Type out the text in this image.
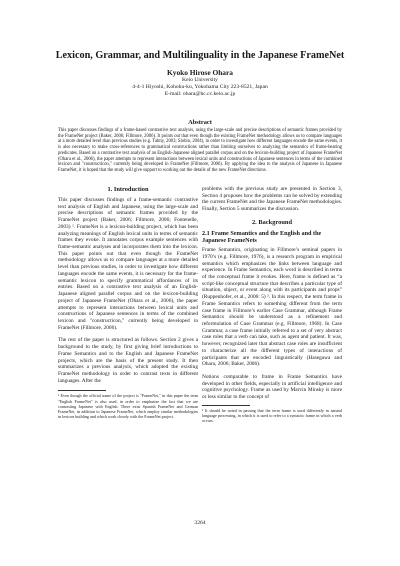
Lexicon, Grammar, and Multilinguality in the Japanese FrameNet
Kyoko Hirose Ohara
Keio University
4-4-1 Hiyoshi, Kohoku-ku, Yokohama City 223-8521, Japan
E-mail: ohara@hc.cc.keio.ac.jp
Abstract
This paper discusses findings of a frame-based contrastive text analysis, using the large-scale and precise descriptions of semantic frames provided by the FrameNet project (Baker, 2006; Fillmore, 2006). It points out that even though the existing FrameNet methodology allows us to compare languages at a more detailed level than previous studies (e.g. Talmy, 2003; Slobin, 2004), in order to investigate how different languages encode the same events, it is also necessary to make cross-references to grammatical constructions rather than limiting ourselves to analyzing the semantics of frame-bearing predicates. Based on a contrastive text analysis of an English-Japanese aligned parallel corpus and on the lexicon-building project of Japanese FrameNet (Ohara et al., 2006), the paper attempts to represent interactions between lexical units and constructions of Japanese sentences in terms of the combined lexicon and "constructicon," currently being developed in FrameNet (Fillmore, 2006). By applying the idea to the analysis of Japanese in Japanese FrameNet, it is hoped that the study will give support to working out the details of the new FrameNet directions.
1. Introduction

This paper discusses findings of a frame-semantic contrastive text analysis of English and Japanese, using the large-scale and precise descriptions of semantic frames provided by the FrameNet project (Baker, 2006; Fillmore, 2006; Fontenelle, 2003) ¹. FrameNet is a lexicon-building project, which has been analyzing meanings of English lexical units in terms of semantic frames they evoke. It annotates corpus example sentences with frame-semantic analyses and incorporates them into the lexicon. This paper points out that even though the FrameNet methodology allows us to compare languages at a more detailed level than previous studies, in order to investigate how different languages encode the same events, it is necessary for the frame-semantic lexicon to specify grammatical affordances of its entries. Based on a contrastive text analysis of an English-Japanese aligned parallel corpus and on the lexicon-building project of Japanese FrameNet (Ohara et al., 2006), the paper attempts to represent interactions between lexical units and constructions of Japanese sentences in terms of the combined lexicon and "constructicon," currently being developed in FrameNet (Fillmore, 2006).

The rest of the paper is structured as follows. Section 2 gives a background to the study, by first giving brief introductions to Frame Semantics and to the English and Japanese FrameNet projects, which are the basis of the present study. It then summarizes a previous analysis, which adopted the existing FrameNet methodology in order to contrast texts in different languages. After the

¹ Even though the official name of the project is "FrameNet," in this paper the term "English FrameNet" is also used, in order to emphasize the fact that we are contrasting Japanese with English. There exist Spanish FrameNet and German FrameNet, in addition to Japanese FrameNet, which employ similar methodologies in lexicon building and which work closely with the FrameNet project.

problems with the previous study are presented in Section 3, Section 4 proposes how the problems can be solved by extending the current FrameNet and the Japanese FrameNet methodologies. Finally, Section 5 summarizes the discussion.

2. Background
2.1 Frame Semantics and the English and the Japanese FrameNets

Frame Semantics, originating in Fillmore’s seminal papers in 1970’s (e.g. Fillmore, 1976), is a research program in empirical semantics which emphasizes the links between language and experience. In Frame Semantics, each word is described in terms of the conceptual frame it evokes. Here, frame is defined as “a script-like conceptual structure that describes a particular type of situation, object, or event along with its participants and props” (Ruppenhofer, et al., 2006: 5) ². In this respect, the term frame in Frame Semantics refers to something different from the term case frame in Fillmore’s earlier Case Grammar, although Frame Semantics should be understood as a refinement and reformulation of Case Grammar (e.g. Fillmore, 1968). In Case Grammar, a case frame initially referred to a set of very abstract case roles that a verb can take, such as agent and patient. It was, however, recognized later that abstract case roles are insufficient to characterize all the different types of interactions of participants that are encoded linguistically (Hasegawa and Ohara, 2006; Baker, 2006).

Notions comparable to frame in Frame Semantics have developed in other fields, especially in artificial intelligence and cognitive psychology. Frame as used by Marvin Minsky is more or less similar to the concept of

² It should be noted in passing that the term frame is used differently in natural language processing, in which it is used to refer to a syntactic frame in which a verb occurs.
3264
